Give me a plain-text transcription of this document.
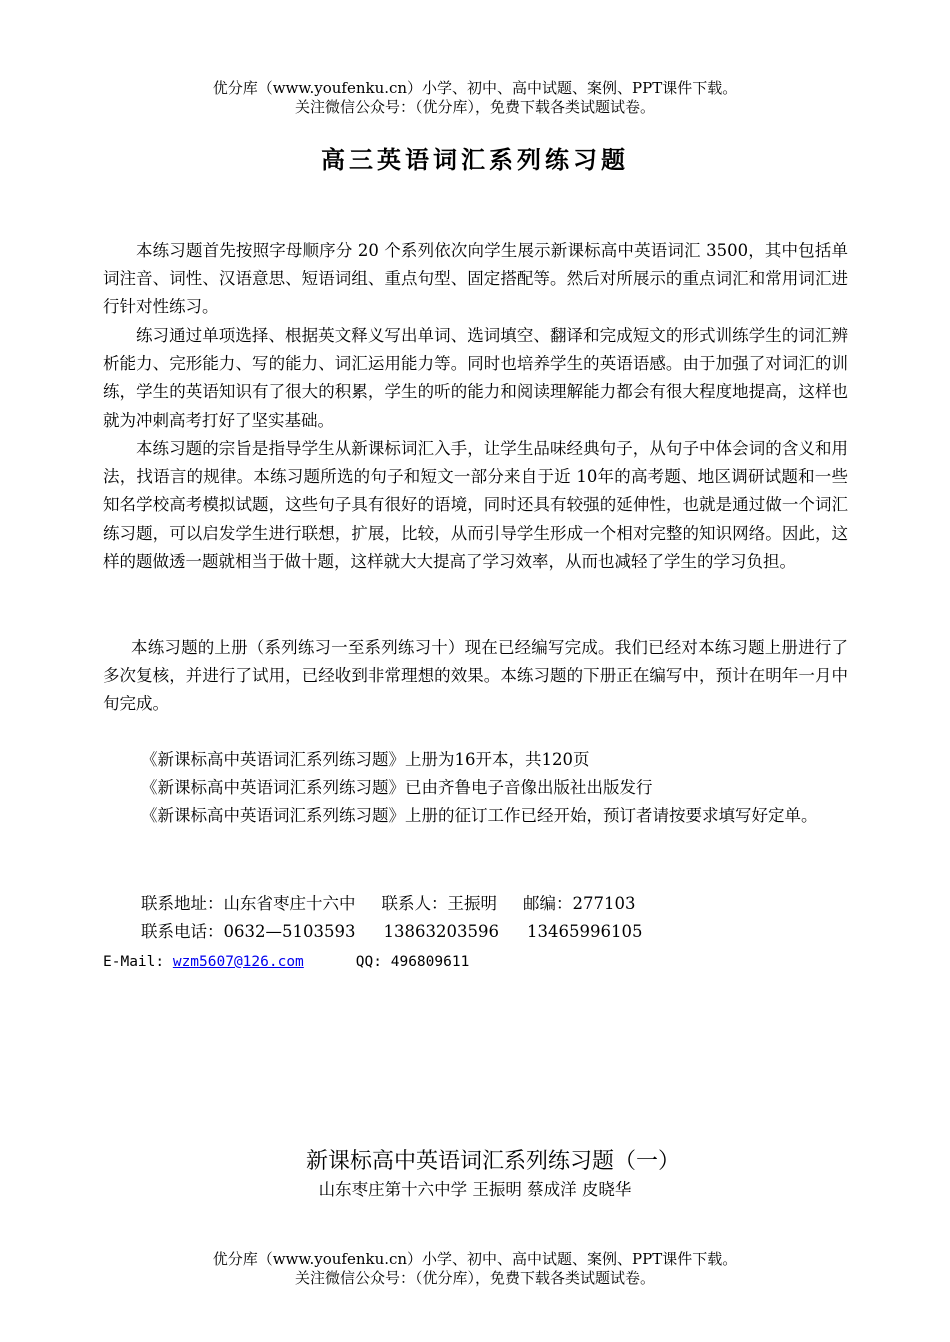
优分库（www.youfenku.cn）小学、初中、高中试题、案例、PPT课件下载。
关注微信公众号：（优分库），免费下载各类试题试卷。
高三英语词汇系列练习题

本练习题首先按照字母顺序分 20 个系列依次向学生展示新课标高中英语词汇 3500，其中包括单词注音、词性、汉语意思、短语词组、重点句型、固定搭配等。然后对所展示的重点词汇和常用词汇进行针对性练习。

练习通过单项选择、根据英文释义写出单词、选词填空、翻译和完成短文的形式训练学生的词汇辨析能力、完形能力、写的能力、词汇运用能力等。同时也培养学生的英语语感。由于加强了对词汇的训练，学生的英语知识有了很大的积累，学生的听的能力和阅读理解能力都会有很大程度地提高，这样也就为冲刺高考打好了坚实基础。

本练习题的宗旨是指导学生从新课标词汇入手，让学生品味经典句子，从句子中体会词的含义和用法，找语言的规律。本练习题所选的句子和短文一部分来自于近 10年的高考题、地区调研试题和一些知名学校高考模拟试题，这些句子具有很好的语境，同时还具有较强的延伸性，也就是通过做一个词汇练习题，可以启发学生进行联想，扩展，比较，从而引导学生形成一个相对完整的知识网络。因此，这样的题做透一题就相当于做十题，这样就大大提高了学习效率，从而也减轻了学生的学习负担。

本练习题的上册（系列练习一至系列练习十）现在已经编写完成。我们已经对本练习题上册进行了多次复核，并进行了试用，已经收到非常理想的效果。本练习题的下册正在编写中，预计在明年一月中旬完成。

《新课标高中英语词汇系列练习题》上册为16开本，共120页
《新课标高中英语词汇系列练习题》已由齐鲁电子音像出版社出版发行
《新课标高中英语词汇系列练习题》上册的征订工作已经开始，预订者请按要求填写好定单。
联系地址：山东省枣庄十六中 联系人：王振明 邮编：277103
联系电话：0632—5103593 13863203596 13465996105
E-Mail: wzm5607@126.com	QQ: 496809611
新课标高中英语词汇系列练习题（一）
山东枣庄第十六中学 王振明 蔡成洋 皮晓华
优分库（www.youfenku.cn）小学、初中、高中试题、案例、PPT课件下载。
关注微信公众号：（优分库），免费下载各类试题试卷。
